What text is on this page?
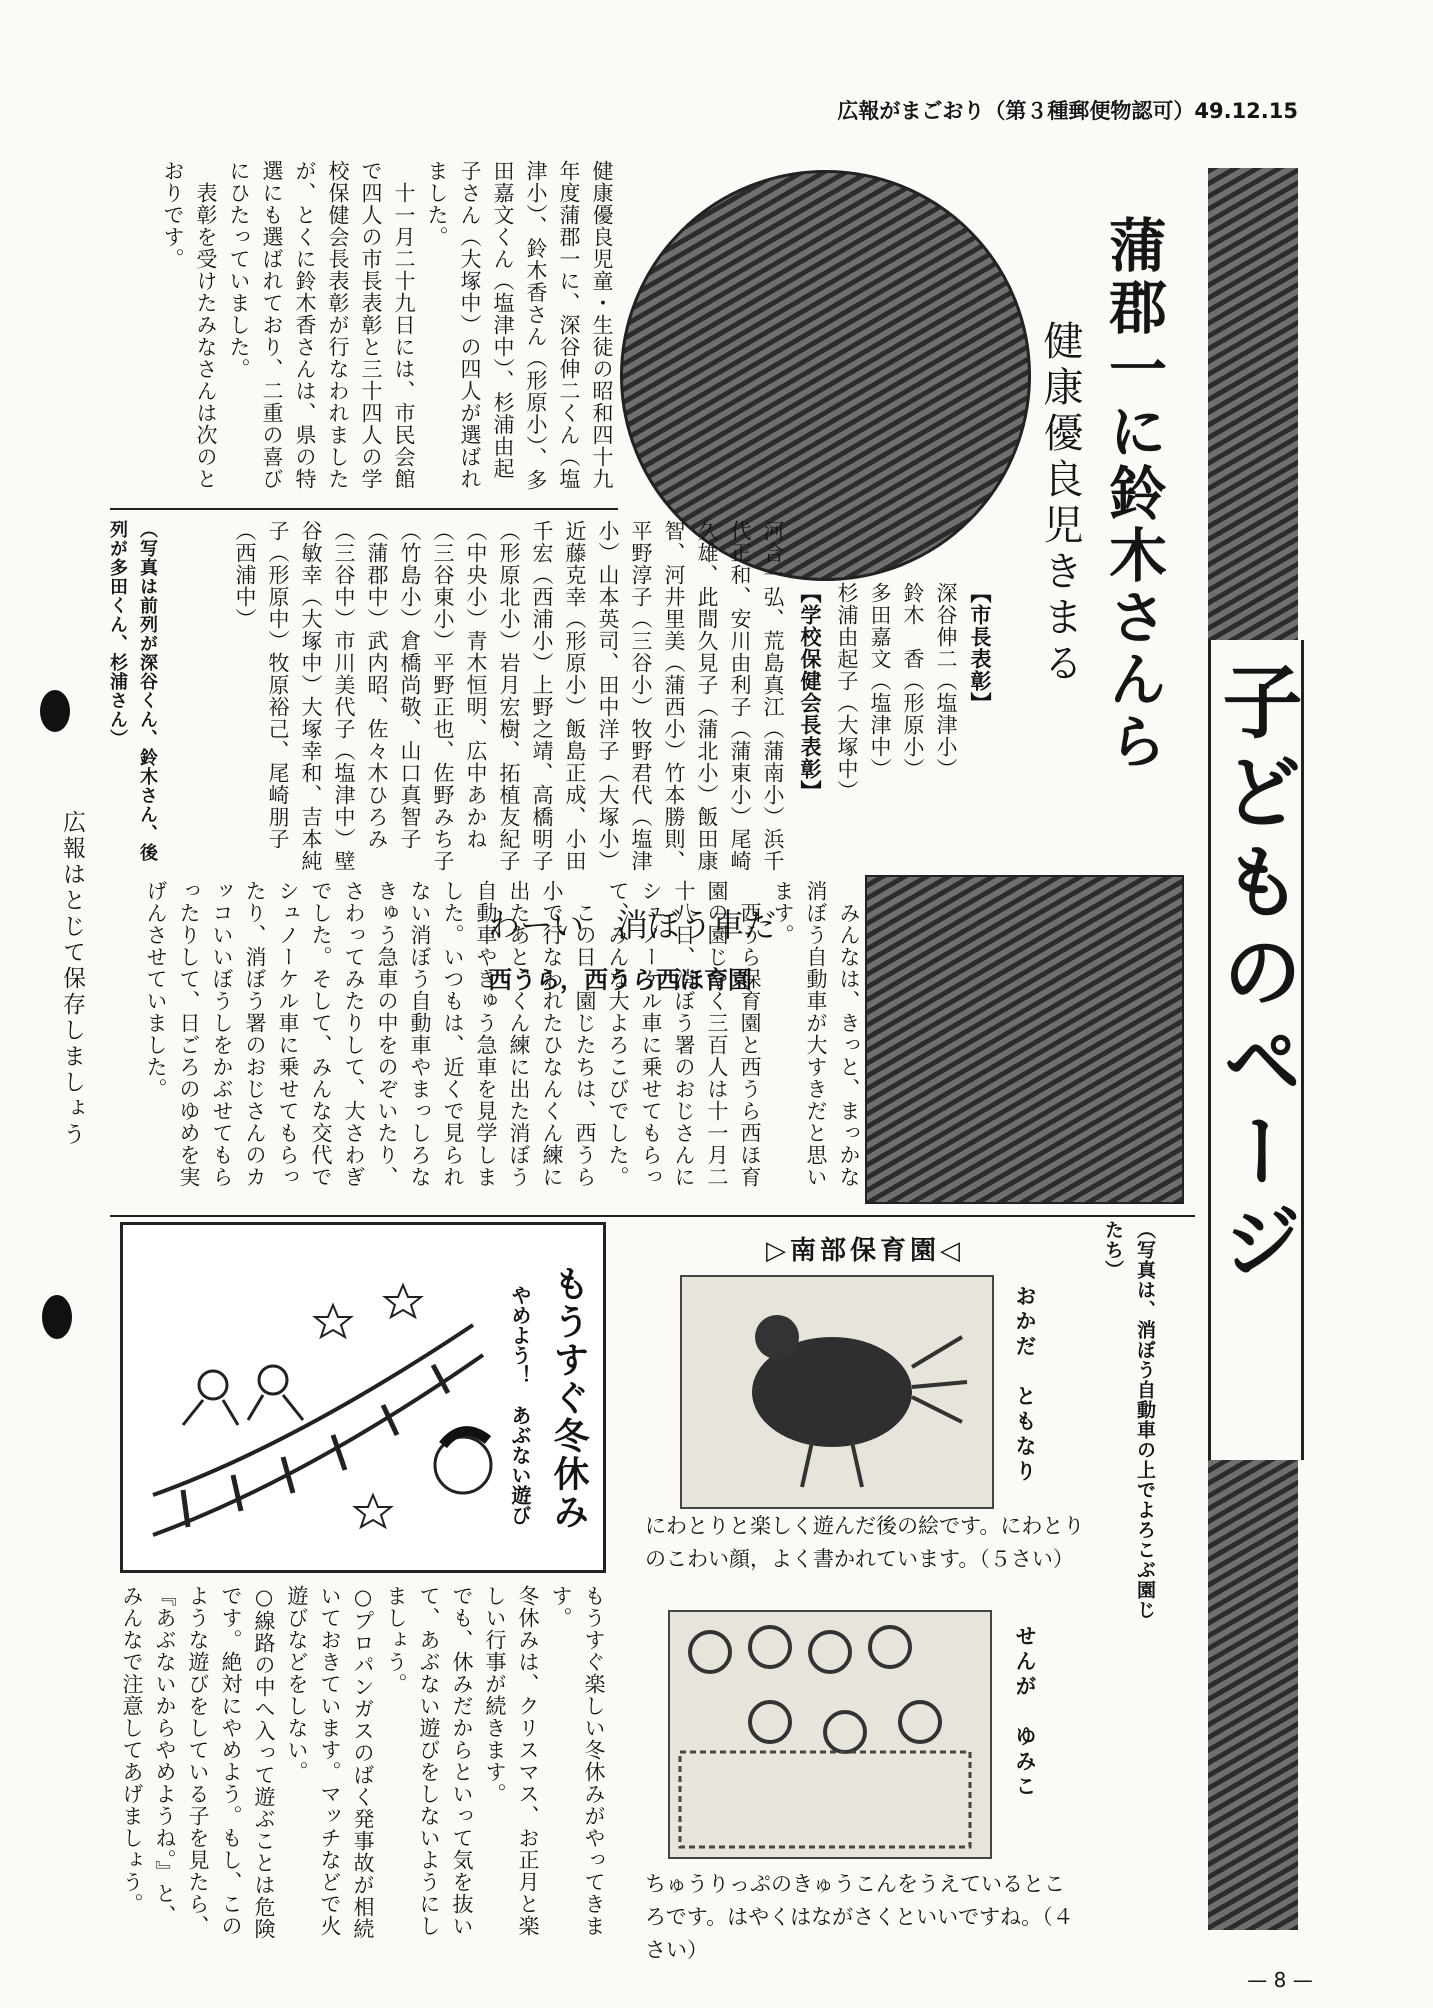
広報がまごおり（第３種郵便物認可）49.12.15
子どものページ
蒲郡一に鈴木さんら
健康優良児きまる
健康優良児童・生徒の昭和四十九年度蒲郡一に、深谷伸二くん（塩津小）、鈴木香さん（形原小）、多田嘉文くん（塩津中）、杉浦由起子さん（大塚中）の四人が選ばれました。
　十一月二十九日には、市民会館で四人の市長表彰と三十四人の学校保健会長表彰が行なわれましたが、とくに鈴木香さんは、県の特選にも選ばれており、二重の喜びにひたっていました。
　表彰を受けたみなさんは次のとおりです。
【市長表彰】
深谷伸二（塩津小）
鈴木　香（形原小）
多田嘉文（塩津中）
杉浦由起子（大塚中）
【学校保健会長表彰】
河合一弘、荒島真江（蒲南小）浜千代正和、安川由利子（蒲東小）尾崎久雄、此間久見子（蒲北小）飯田康智、河井里美（蒲西小）竹本勝則、平野淳子（三谷小）牧野君代（塩津小）山本英司、田中洋子（大塚小）近藤克幸（形原小）飯島正成、小田千宏（西浦小）上野之靖、高橋明子（形原北小）岩月宏樹、拓植友紀子（中央小）青木恒明、広中あかね（三谷東小）平野正也、佐野みち子（竹島小）倉橋尚敬、山口真智子（蒲郡中）武内昭、佐々木ひろみ（三谷中）市川美代子（塩津中）壁谷敏幸（大塚中）大塚幸和、吉本純子（形原中）牧原裕己、尾崎朋子（西浦中）
（写真は前列が深谷くん、鈴木さん、後列が多田くん、杉浦さん）
広報はとじて保存しましょう	わーい　消ぼう車だ
西うら，西うら西ほ育園	　みんなは、きっと、まっかな消ぼう自動車が大すきだと思います。
　西うら保育園と西うら西ほ育園の園じやく三百人は十一月二十八日、消ぼう署のおじさんにシュノーケル車に乗せてもらって、みんな大よろこびでした。
　この日、園じたちは、西うら小で行なわれたひなんくん練に出たあと、くん練に出た消ぼう自動車やきゅう急車を見学しました。いつもは、近くで見られない消ぼう自動車やまっしろなきゅう急車の中をのぞいたり、さわってみたりして、大さわぎでした。そして、みんな交代でシュノーケル車に乗せてもらったり、消ぼう署のおじさんのカッコいいぼうしをかぶせてもらったりして、日ごろのゆめを実げんさせていました。
（写真は、消ぼう自動車の上でよろこぶ園じたち）
もうすぐ冬休み
やめよう！　あぶない遊び
もうすぐ楽しい冬休みがやってきます。
冬休みは、クリスマス、お正月と楽しい行事が続きます。
でも、休みだからといって気を抜いて、あぶない遊びをしないようにしましょう。
○プロパンガスのばく発事故が相続いておきています。マッチなどで火遊びなどをしない。
○線路の中へ入って遊ぶことは危険です。絶対にやめよう。もし、このような遊びをしている子を見たら、『あぶないからやめようね。』と、みんなで注意してあげましょう。
▷南部保育園◁
おかだ　ともなり
にわとりと楽しく遊んだ後の絵です。にわとりのこわい顔，よく書かれています。（５さい）
せんが　ゆみこ
ちゅうりっぷのきゅうこんをうえているところです。はやくはながさくといいですね。（４さい）
— 8 —
